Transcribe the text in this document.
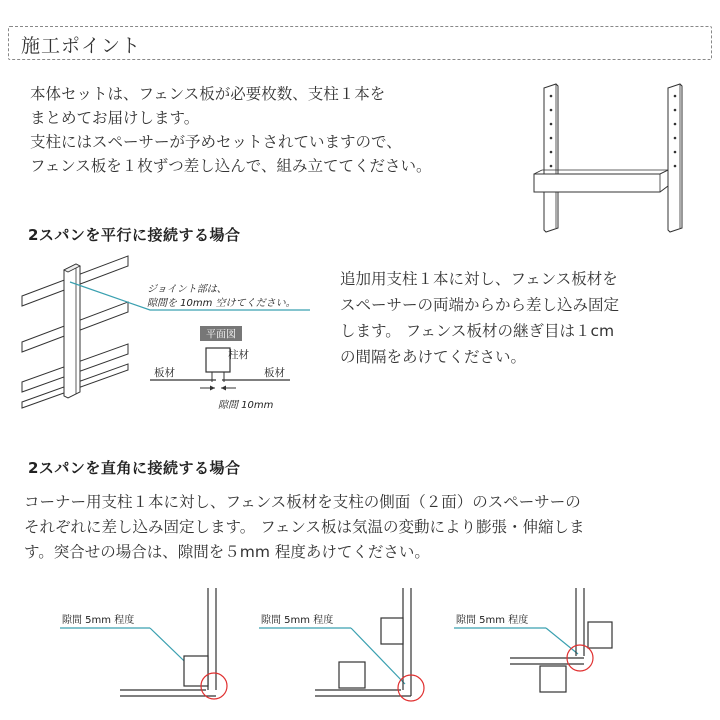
施工ポイント
本体セットは、フェンス板が必要枚数、支柱１本を
まとめてお届けします。
支柱にはスペーサーが予めセットされていますので、
フェンス板を１枚ずつ差し込んで、組み立ててください。
2スパンを平行に接続する場合
ジョイント部は、
隙間を 10mm 空けてください。
平面図
柱材
板材	板材
隙間 10mm
追加用支柱１本に対し、フェンス板材を
スペーサーの両端からから差し込み固定
します。 フェンス板材の継ぎ目は１cm
の間隔をあけてください。
2スパンを直角に接続する場合
コーナー用支柱１本に対し、フェンス板材を支柱の側面（２面）のスペーサーの
それぞれに差し込み固定します。 フェンス板は気温の変動により膨張・伸縮しま
す。突合せの場合は、隙間を５mm 程度あけてください。
隙間 5mm 程度	隙間 5mm 程度	隙間 5mm 程度
